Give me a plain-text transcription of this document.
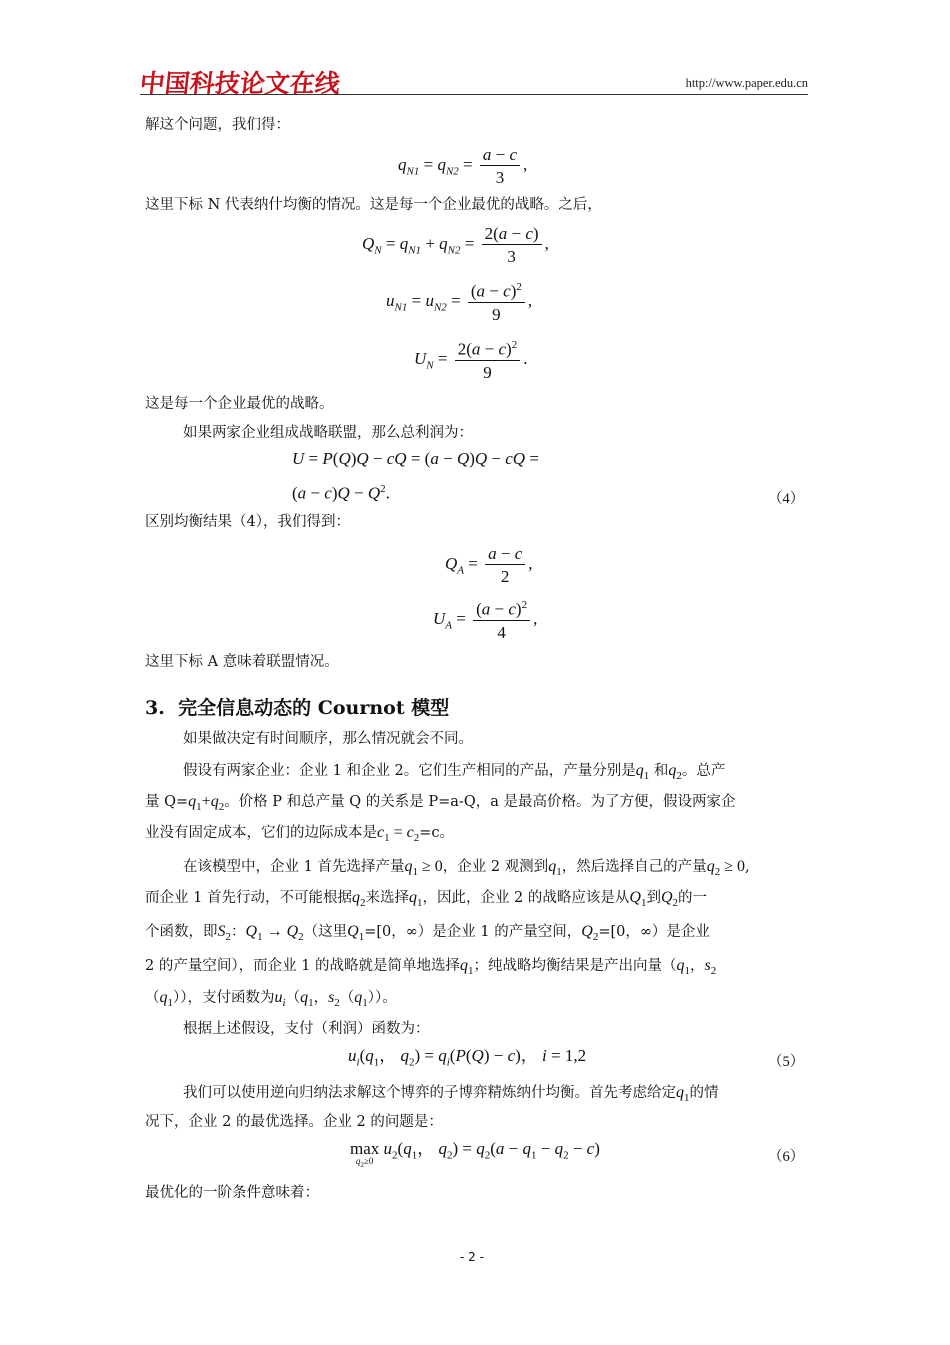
中国科技论文在线	http://www.paper.edu.cn
解这个问题，我们得：
$q_{N1} = q_{N2} = \frac{a - c}{3}$ ,
这里下标 N 代表纳什均衡的情况。这是每一个企业最优的战略。之后，
$Q_N = q_{N1} + q_{N2} = \frac{2(a - c)}{3}$ ,
$u_{N1} = u_{N2} = \frac{(a - c)^2}{9}$ ,
$U_N = \frac{2(a - c)^2}{9}$ .
这是每一个企业最优的战略。
如果两家企业组成战略联盟，那么总利润为：
U = P(Q)Q − cQ = (a − Q)Q − cQ =
$(a - c)Q - Q^2$.	（4）
区别均衡结果（4），我们得到：
$Q_A = \frac{a - c}{2}$ ,
$U_A = \frac{(a - c)^2}{4}$ ,
这里下标 A 意味着联盟情况。
3.  完全信息动态的 Cournot 模型
如果做决定有时间顺序，那么情况就会不同。
假设有两家企业：企业 1 和企业 2。它们生产相同的产品，产量分别是$q_1$ 和$q_2$。总产
量 $Q=q_1+q_2$。价格 P 和总产量 Q 的关系是 P=a-Q，a 是最高价格。为了方便，假设两家企
业没有固定成本，它们的边际成本是$c_1 = c_2=c$。
在该模型中，企业 1 首先选择产量$q_1 \ge 0$，企业 2 观测到$q_1$，然后选择自己的产量$q_2 \ge 0$,
而企业 1 首先行动，不可能根据$q_2$来选择$q_1$，因此，企业 2 的战略应该是从$Q_1$到$Q_2$的一
个函数，即$S_2$：$Q_1 \to Q_2$（这里$Q_1=[0$，∞）是企业 1 的产量空间，$Q_2=[0$，∞）是企业
2 的产量空间），而企业 1 的战略就是简单地选择$q_1$；纯战略均衡结果是产出向量（$q_1$，$s_2$
$(q_1)$），支付函数为$u_i(q_1$，$s_2(q_1)$）。
根据上述假设，支付（利润）函数为：
$u_i(q_1$， $q_2) = q_i(P(Q) - c)$， i = 1,2	（5）
我们可以使用逆向归纳法求解这个博弈的子博弈精炼纳什均衡。首先考虑给定$q_1$的情
况下，企业 2 的最优选择。企业 2 的问题是：
max
$q_2\ge 0$
$u_2(q_1$， $q_2) = q_2(a - q_1 - q_2 - c)$	（6）
最优化的一阶条件意味着：
- 2 -
